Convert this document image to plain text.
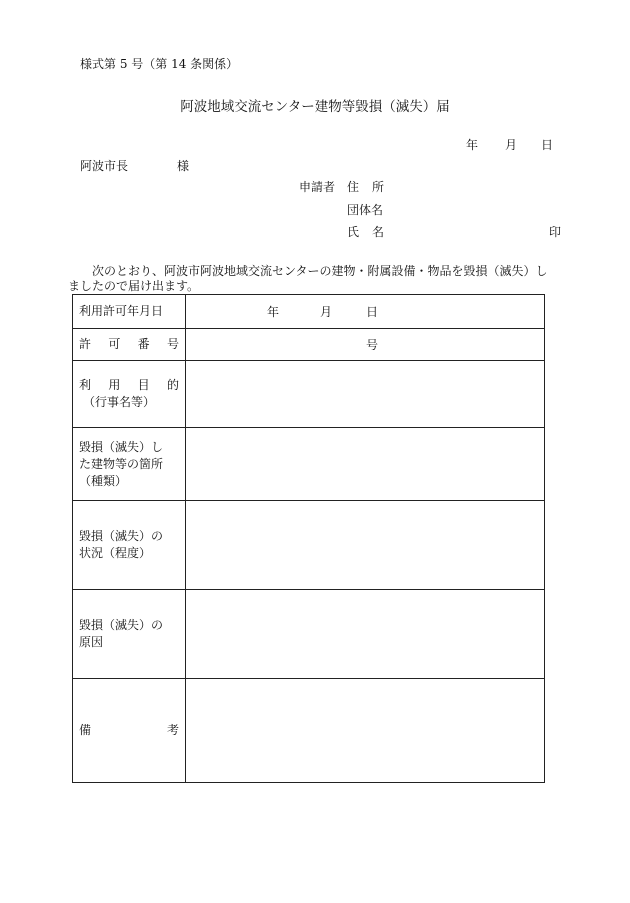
様式第 5 号（第 14 条関係）
阿波地域交流センター建物等毀損（滅失）届
年 月 日
阿波市長	様
申請者 住 所
団体名
氏 名	印
次のとおり、阿波市阿波地域交流センターの建物・附属設備・物品を毀損（滅失）し
ましたので届け出ます。
利用許可年月日	年 月 日

許 可 番 号	号

利 用 目 的
（行事名等）	

毀損（滅失）し
た建物等の箇所
（種類）	

毀損（滅失）の
状況（程度）	

毀損（滅失）の
原因	

備 考	
